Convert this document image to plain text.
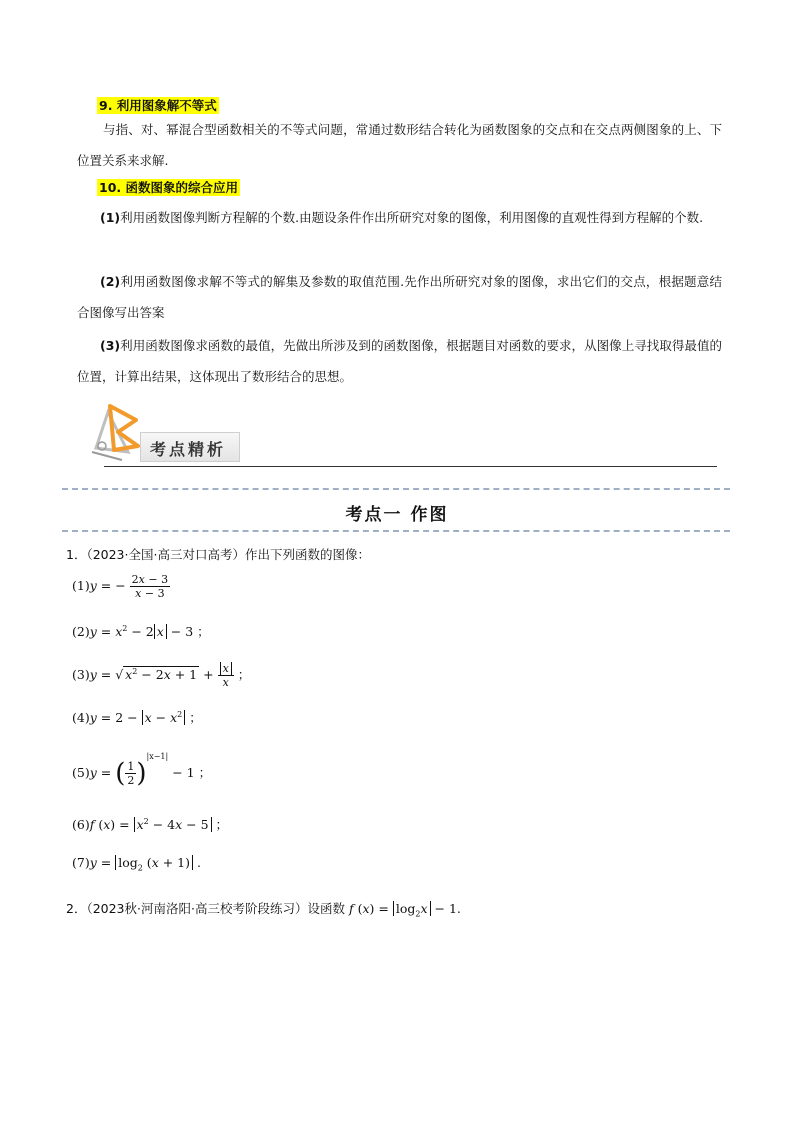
9. 利用图象解不等式
与指、对、幂混合型函数相关的不等式问题，常通过数形结合转化为函数图象的交点和在交点两侧图象的上、下位置关系来求解.
10. 函数图象的综合应用
(1)利用函数图像判断方程解的个数.由题设条件作出所研究对象的图像，利用图像的直观性得到方程解的个数.
(2)利用函数图像求解不等式的解集及参数的取值范围.先作出所研究对象的图像，求出它们的交点，根据题意结合图像写出答案
(3)利用函数图像求函数的最值，先做出所涉及到的函数图像，根据题目对函数的要求，从图像上寻找取得最值的位置，计算出结果，这体现出了数形结合的思想。
考点精析
考点一 作图
1．（2023·全国·高三对口高考）作出下列函数的图像：
(1)y = − $\frac{2x - 3}{x - 3}$
$(2)y = x^2 - 2$ x − 3 ；
(3)y = √ $x^2 - 2x + 1 + \frac{x}{x}$ ；
$(4)y = 2 - x - x^2$ ；
(5)y = ( $\frac{1}{2} )^{|x-1|} - 1$ ；
(6)f $(x) = x^2 - 4x - 5$ ；
$(7)y = \log_2 (x + 1)$ .
2．（2023秋·河南洛阳·高三校考阶段练习）设函数 f $(x) = \log_2x - 1$.
